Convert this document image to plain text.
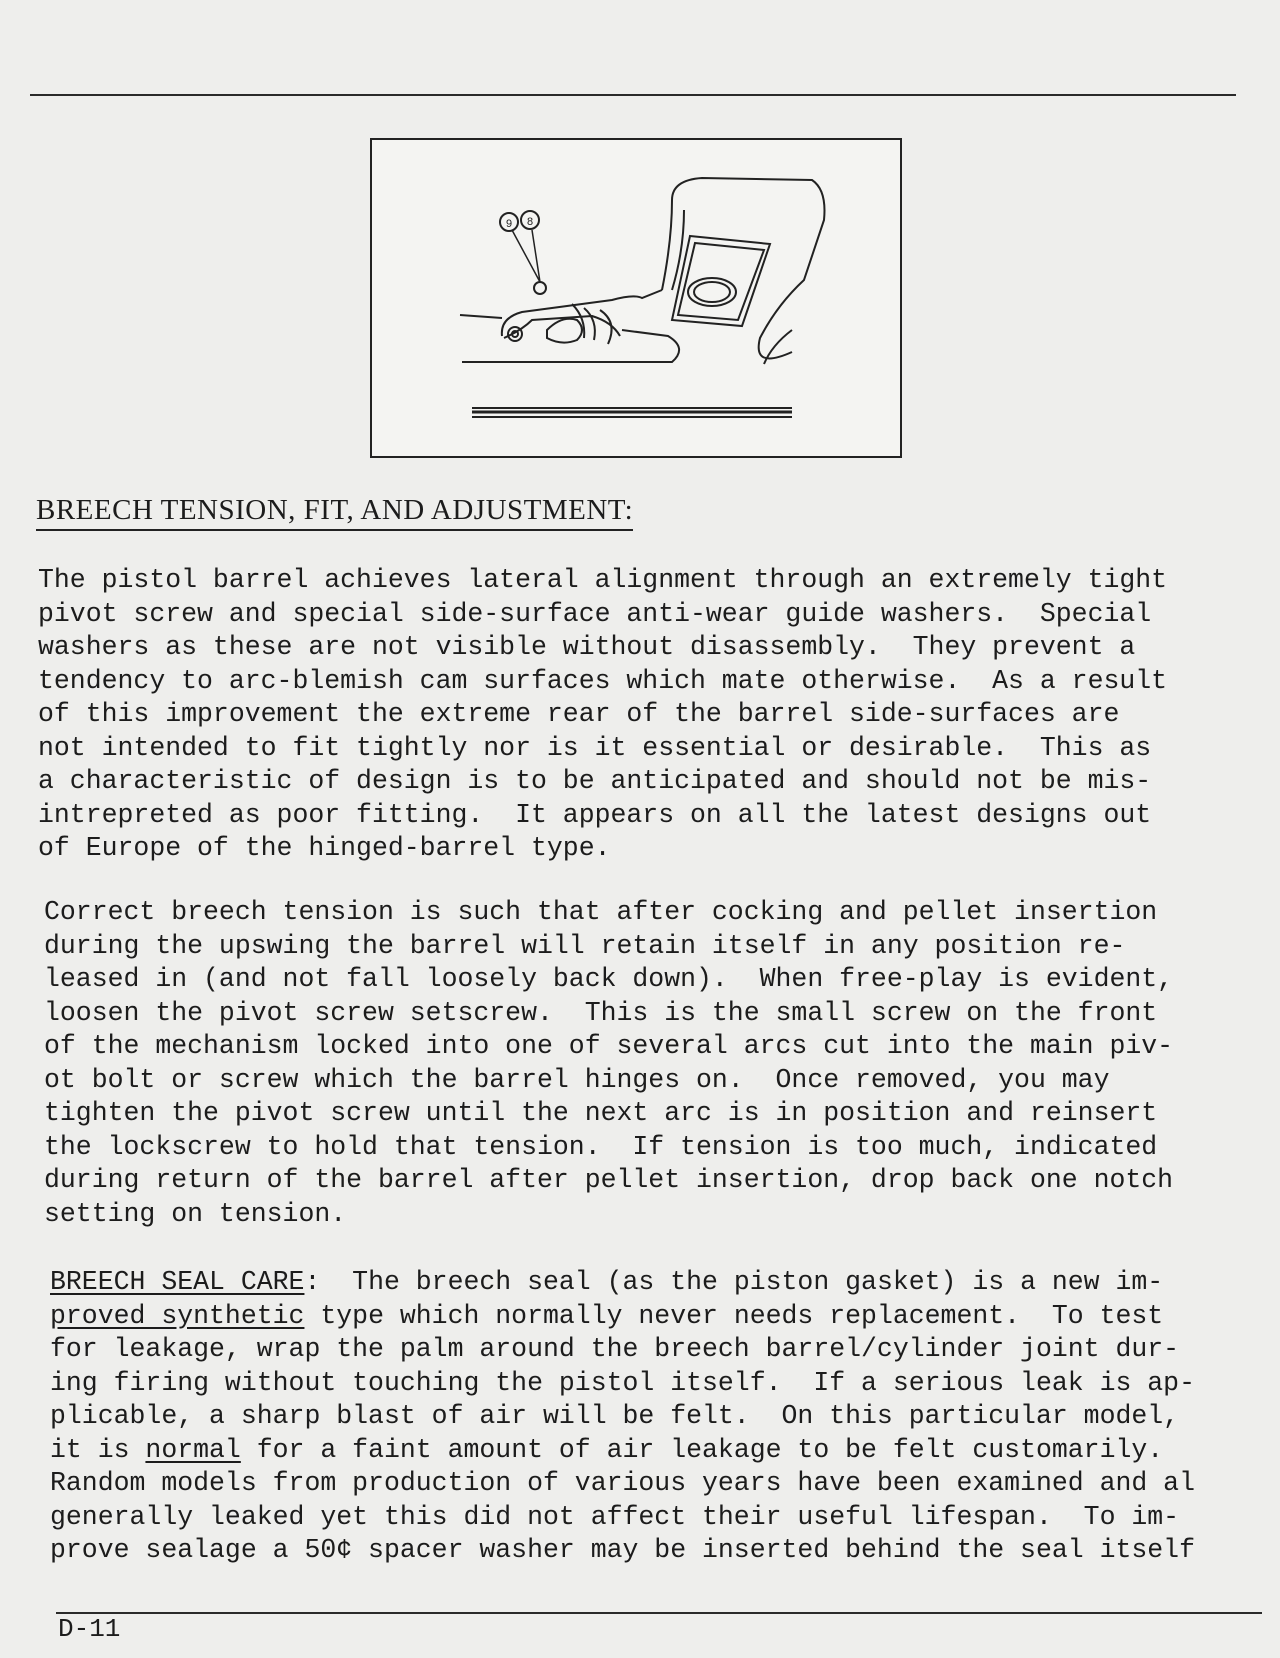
9 8
BREECH TENSION, FIT, AND ADJUSTMENT:
The pistol barrel achieves lateral alignment through an extremely tight
pivot screw and special side-surface anti-wear guide washers.  Special
washers as these are not visible without disassembly.  They prevent a
tendency to arc-blemish cam surfaces which mate otherwise.  As a result
of this improvement the extreme rear of the barrel side-surfaces are
not intended to fit tightly nor is it essential or desirable.  This as
a characteristic of design is to be anticipated and should not be mis-
intrepreted as poor fitting.  It appears on all the latest designs out
of Europe of the hinged-barrel type.
Correct breech tension is such that after cocking and pellet insertion
during the upswing the barrel will retain itself in any position re-
leased in (and not fall loosely back down).  When free-play is evident,
loosen the pivot screw setscrew.  This is the small screw on the front
of the mechanism locked into one of several arcs cut into the main piv-
ot bolt or screw which the barrel hinges on.  Once removed, you may
tighten the pivot screw until the next arc is in position and reinsert
the lockscrew to hold that tension.  If tension is too much, indicated
during return of the barrel after pellet insertion, drop back one notch
setting on tension.
BREECH SEAL CARE:  The breech seal (as the piston gasket) is a new im-
proved synthetic type which normally never needs replacement.  To test
for leakage, wrap the palm around the breech barrel/cylinder joint dur-
ing firing without touching the pistol itself.  If a serious leak is ap-
plicable, a sharp blast of air will be felt.  On this particular model,
it is normal for a faint amount of air leakage to be felt customarily.
Random models from production of various years have been examined and al
generally leaked yet this did not affect their useful lifespan.  To im-
prove sealage a 50¢ spacer washer may be inserted behind the seal itself
D-11
